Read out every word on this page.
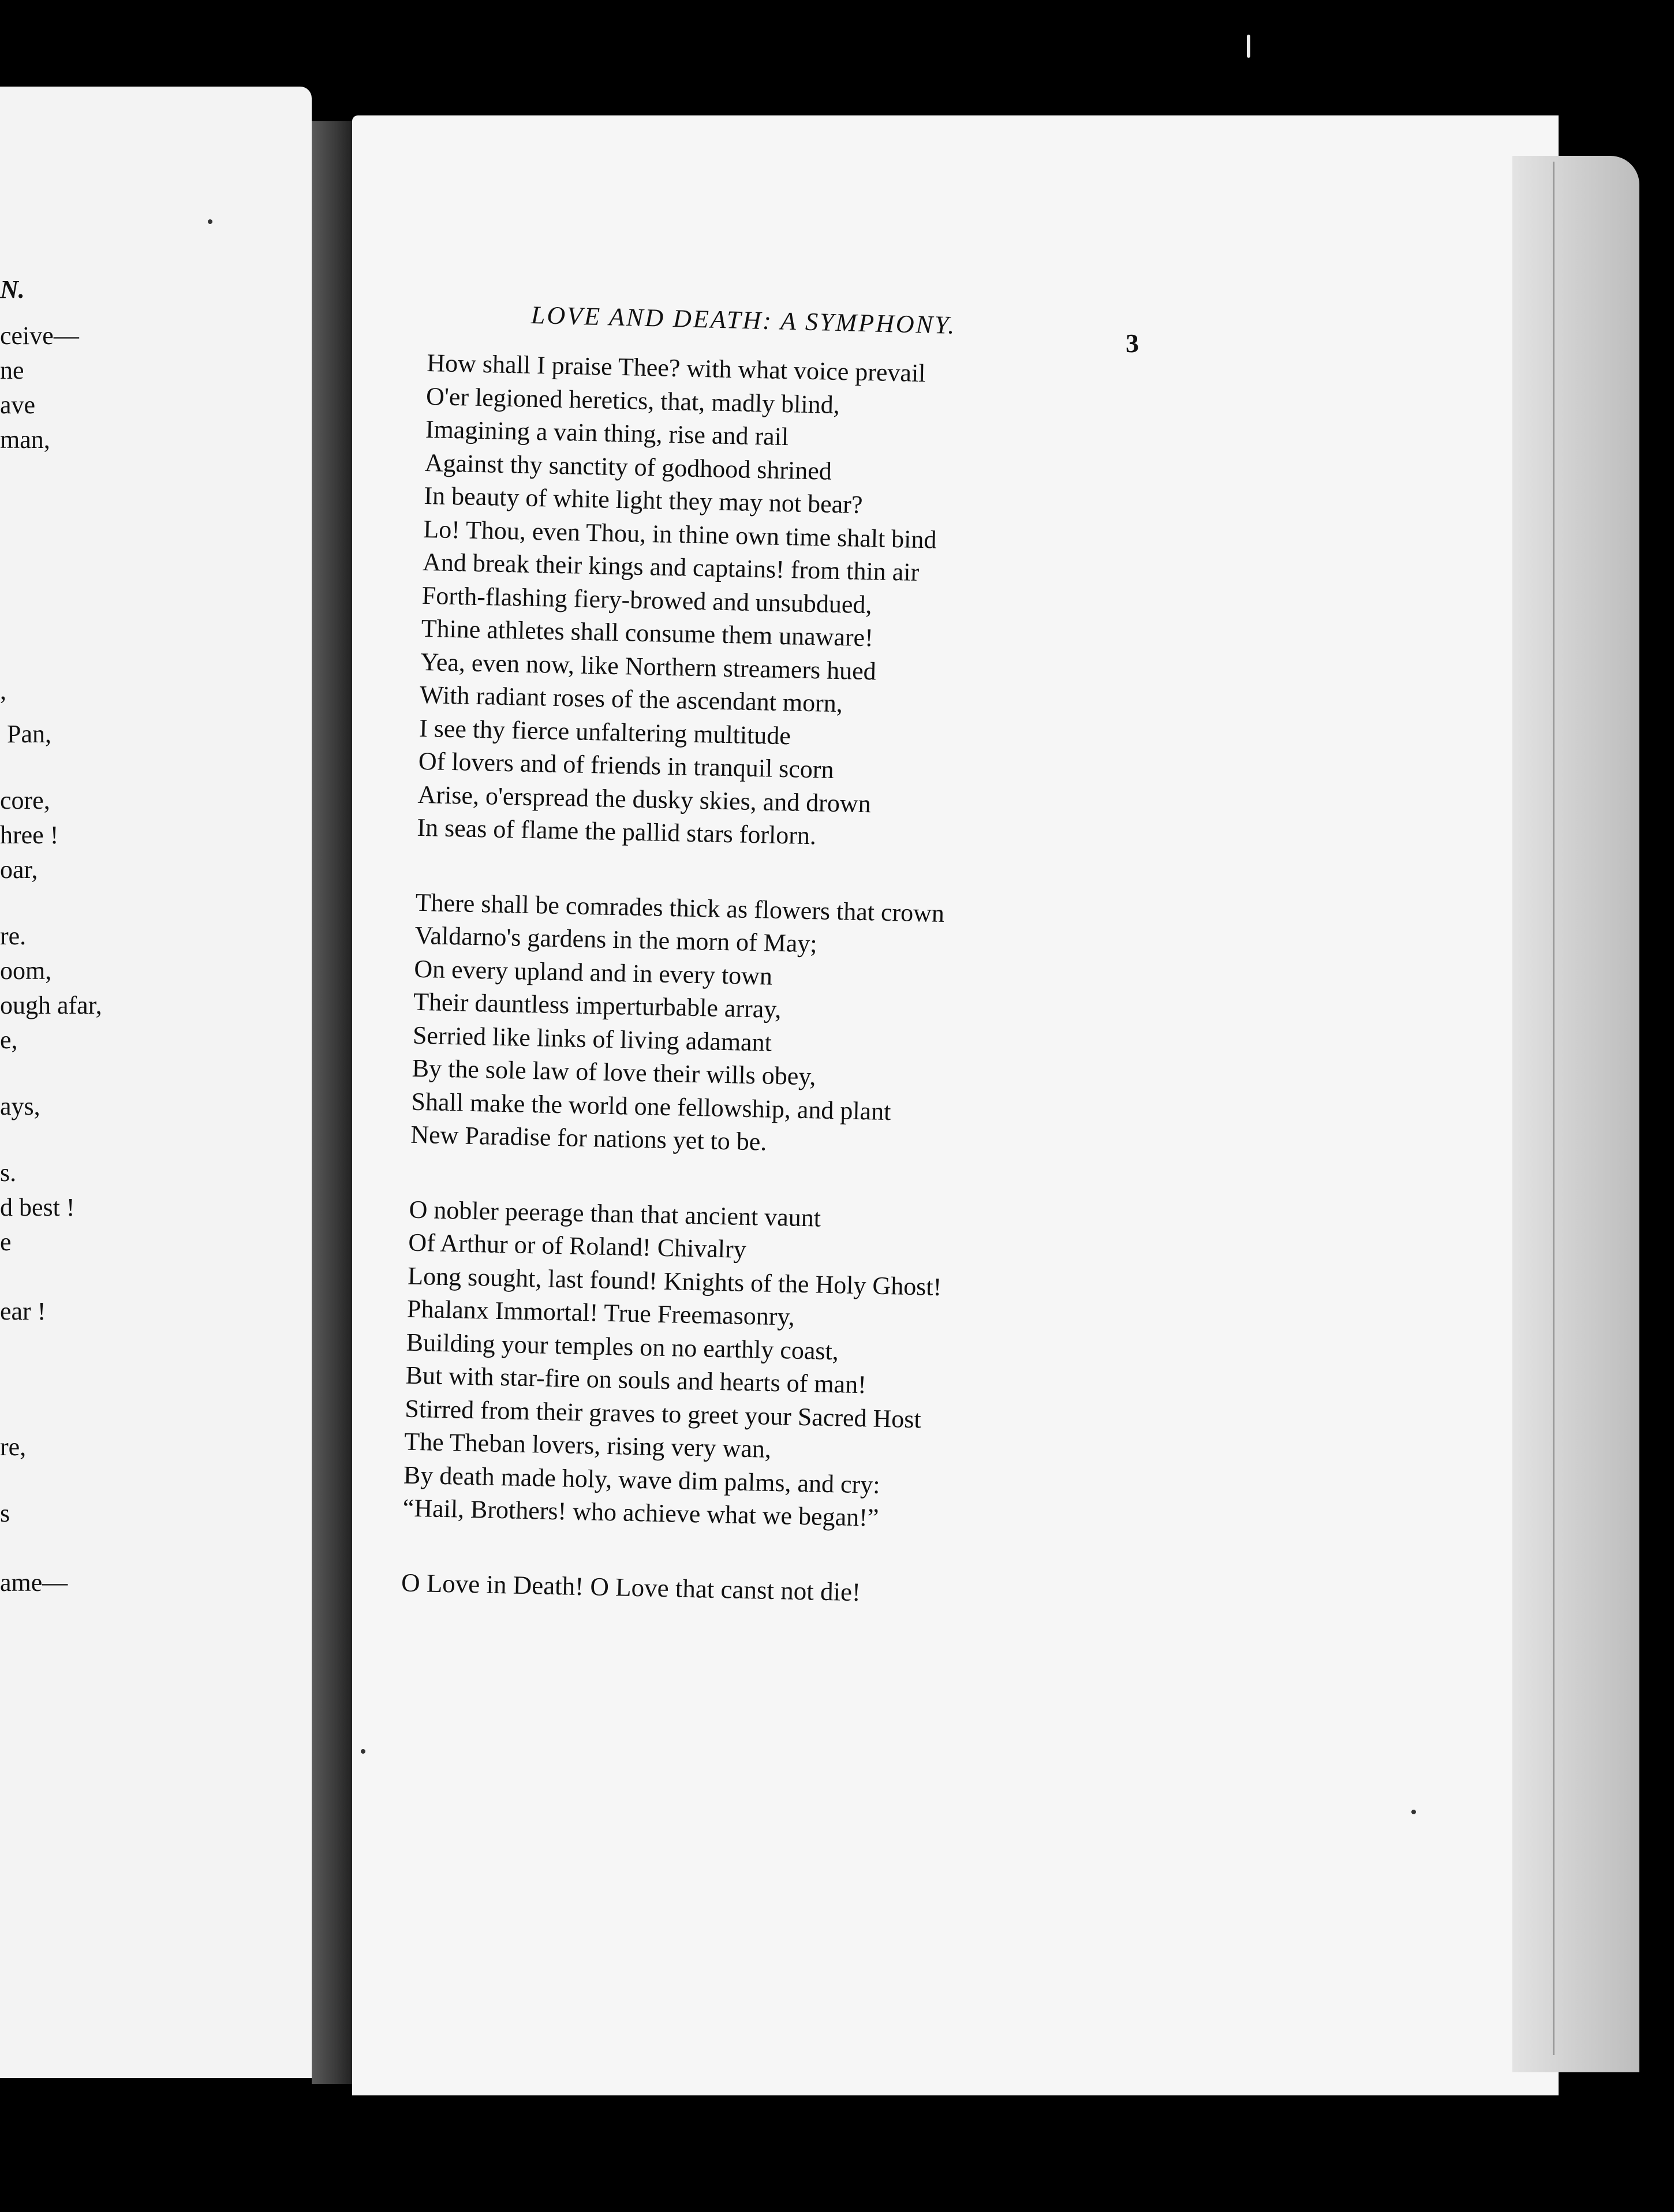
N.
ceive—
ne
ave
man,
,
Pan,
core,
hree !
oar,
re.
oom,
ough afar,
e,
ays,
s.
d best !
e
ear !
re,
s
ame—
LOVE AND DEATH: A SYMPHONY.
3
How shall I praise Thee? with what voice prevail
O'er legioned heretics, that, madly blind,
Imagining a vain thing, rise and rail
Against thy sanctity of godhood shrined
In beauty of white light they may not bear?
Lo! Thou, even Thou, in thine own time shalt bind
And break their kings and captains! from thin air
Forth-flashing fiery-browed and unsubdued,
Thine athletes shall consume them unaware!
Yea, even now, like Northern streamers hued
With radiant roses of the ascendant morn,
I see thy fierce unfaltering multitude
Of lovers and of friends in tranquil scorn
Arise, o'erspread the dusky skies, and drown
In seas of flame the pallid stars forlorn.
There shall be comrades thick as flowers that crown
Valdarno's gardens in the morn of May;
On every upland and in every town
Their dauntless imperturbable array,
Serried like links of living adamant
By the sole law of love their wills obey,
Shall make the world one fellowship, and plant
New Paradise for nations yet to be.
O nobler peerage than that ancient vaunt
Of Arthur or of Roland! Chivalry
Long sought, last found! Knights of the Holy Ghost!
Phalanx Immortal! True Freemasonry,
Building your temples on no earthly coast,
But with star-fire on souls and hearts of man!
Stirred from their graves to greet your Sacred Host
The Theban lovers, rising very wan,
By death made holy, wave dim palms, and cry:
“Hail, Brothers! who achieve what we began!”
O Love in Death! O Love that canst not die!
